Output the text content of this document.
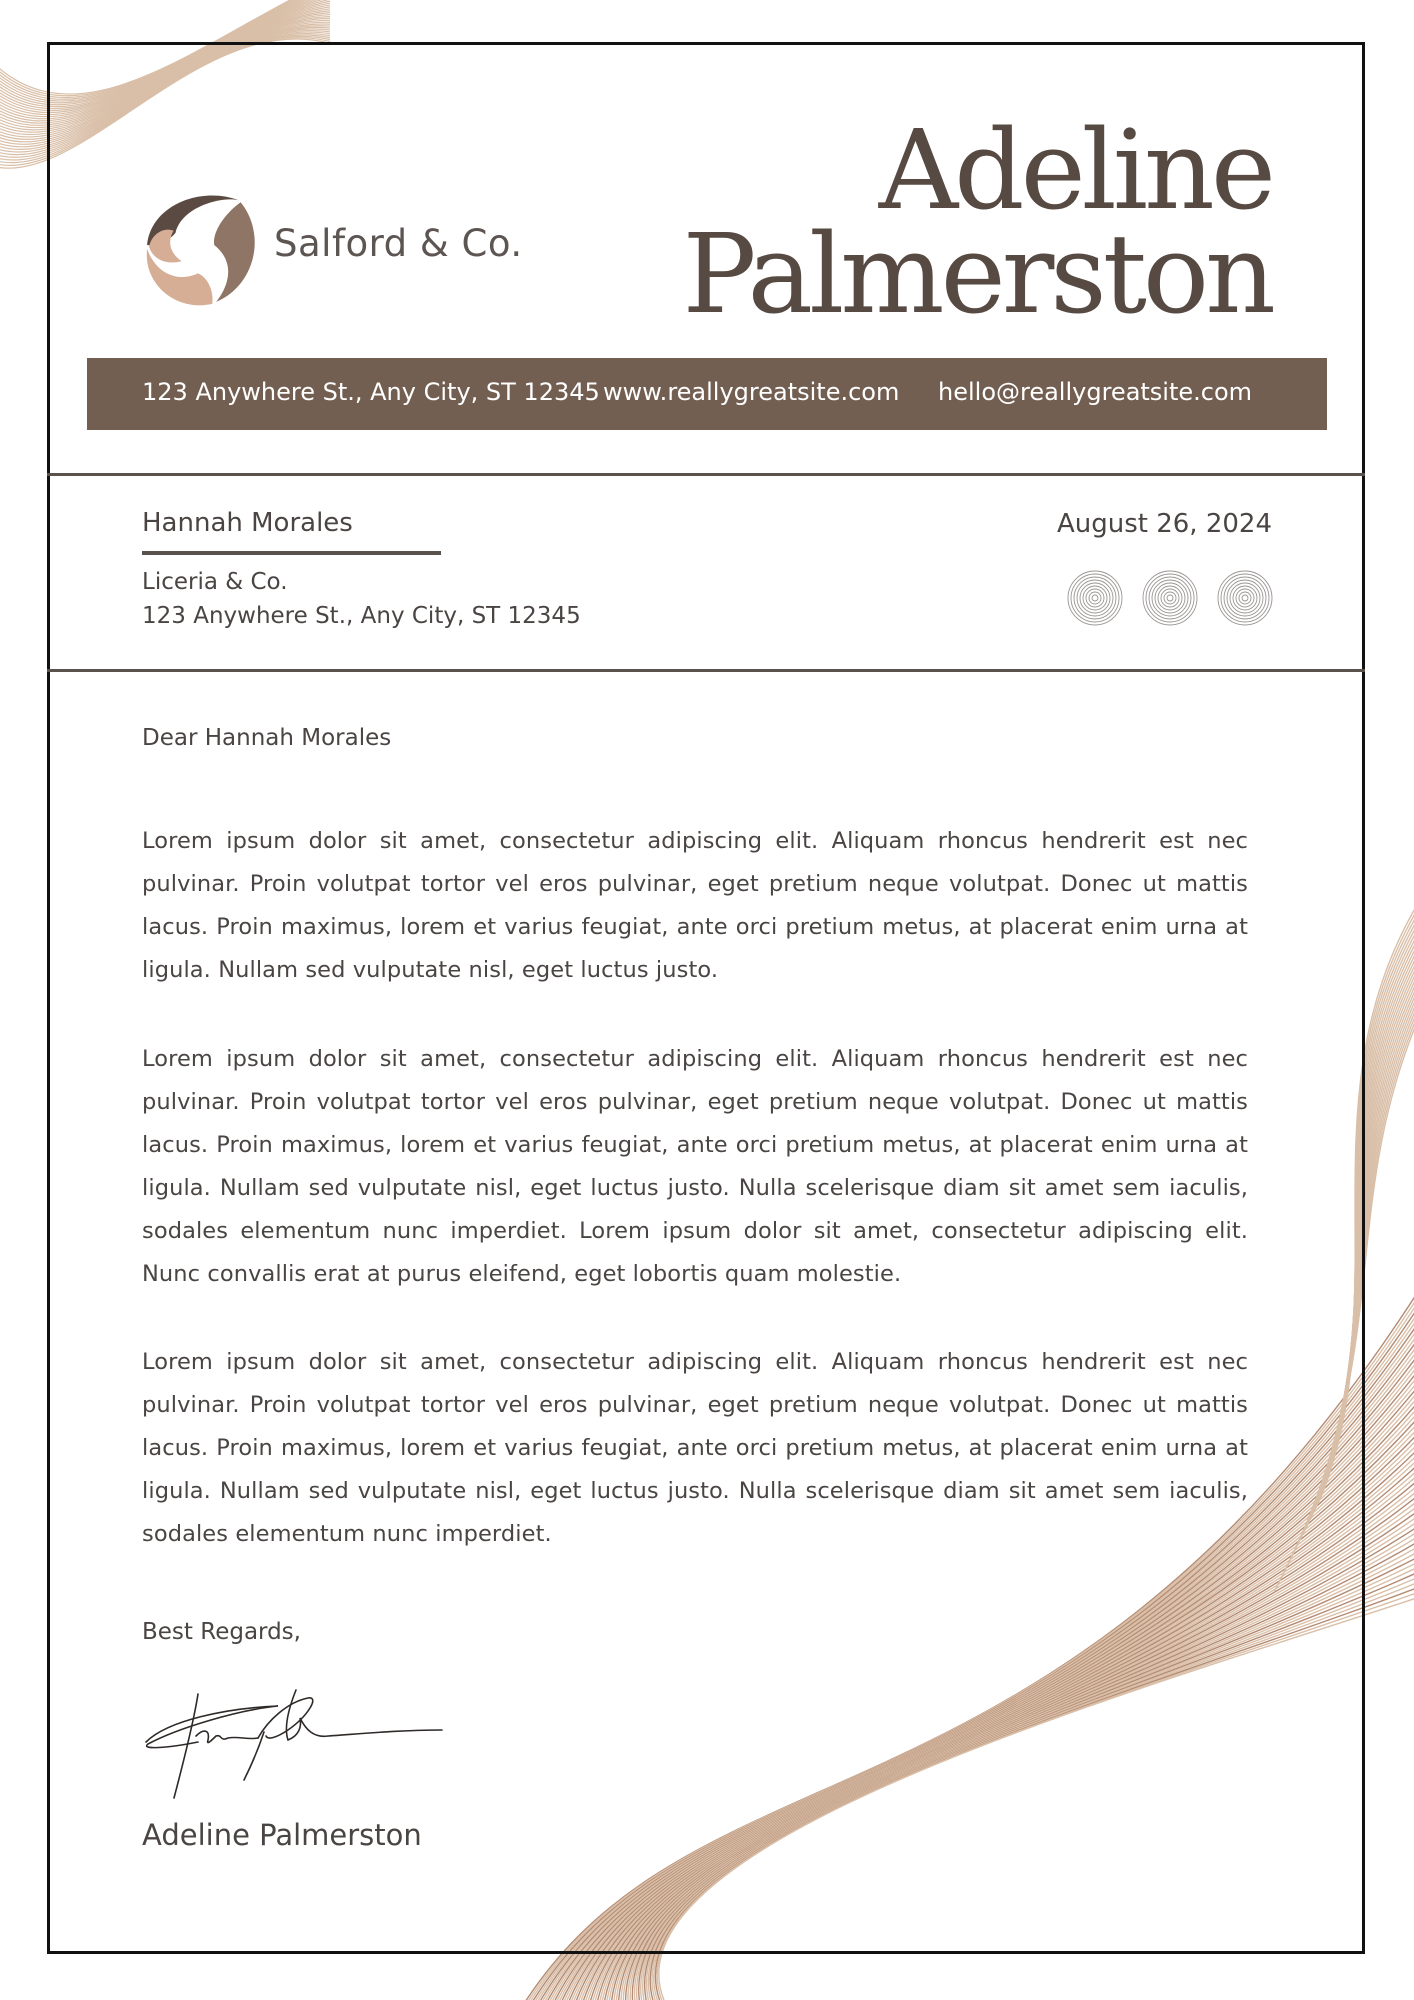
Salford & Co.
Adeline
Palmerston
123 Anywhere St., Any City, ST 12345 www.reallygreatsite.com hello@reallygreatsite.com
Hannah Morales
Liceria & Co.
123 Anywhere St., Any City, ST 12345
August 26, 2024
Dear Hannah Morales

Lorem ipsum dolor sit amet, consectetur adipiscing elit. Aliquam rhoncus hendrerit est nec pulvinar. Proin volutpat tortor vel eros pulvinar, eget pretium neque volutpat. Donec ut mattis lacus. Proin maximus, lorem et varius feugiat, ante orci pretium metus, at placerat enim urna at ligula. Nullam sed vulputate nisl, eget luctus justo.

Lorem ipsum dolor sit amet, consectetur adipiscing elit. Aliquam rhoncus hendrerit est nec pulvinar. Proin volutpat tortor vel eros pulvinar, eget pretium neque volutpat. Donec ut mattis lacus. Proin maximus, lorem et varius feugiat, ante orci pretium metus, at placerat enim urna at ligula. Nullam sed vulputate nisl, eget luctus justo. Nulla scelerisque diam sit amet sem iaculis, sodales elementum nunc imperdiet. Lorem ipsum dolor sit amet, consectetur adipiscing elit. Nunc convallis erat at purus eleifend, eget lobortis quam molestie.

Lorem ipsum dolor sit amet, consectetur adipiscing elit. Aliquam rhoncus hendrerit est nec pulvinar. Proin volutpat tortor vel eros pulvinar, eget pretium neque volutpat. Donec ut mattis lacus. Proin maximus, lorem et varius feugiat, ante orci pretium metus, at placerat enim urna at ligula. Nullam sed vulputate nisl, eget luctus justo. Nulla scelerisque diam sit amet sem iaculis, sodales elementum nunc imperdiet.

Best Regards,
Adeline Palmerston
